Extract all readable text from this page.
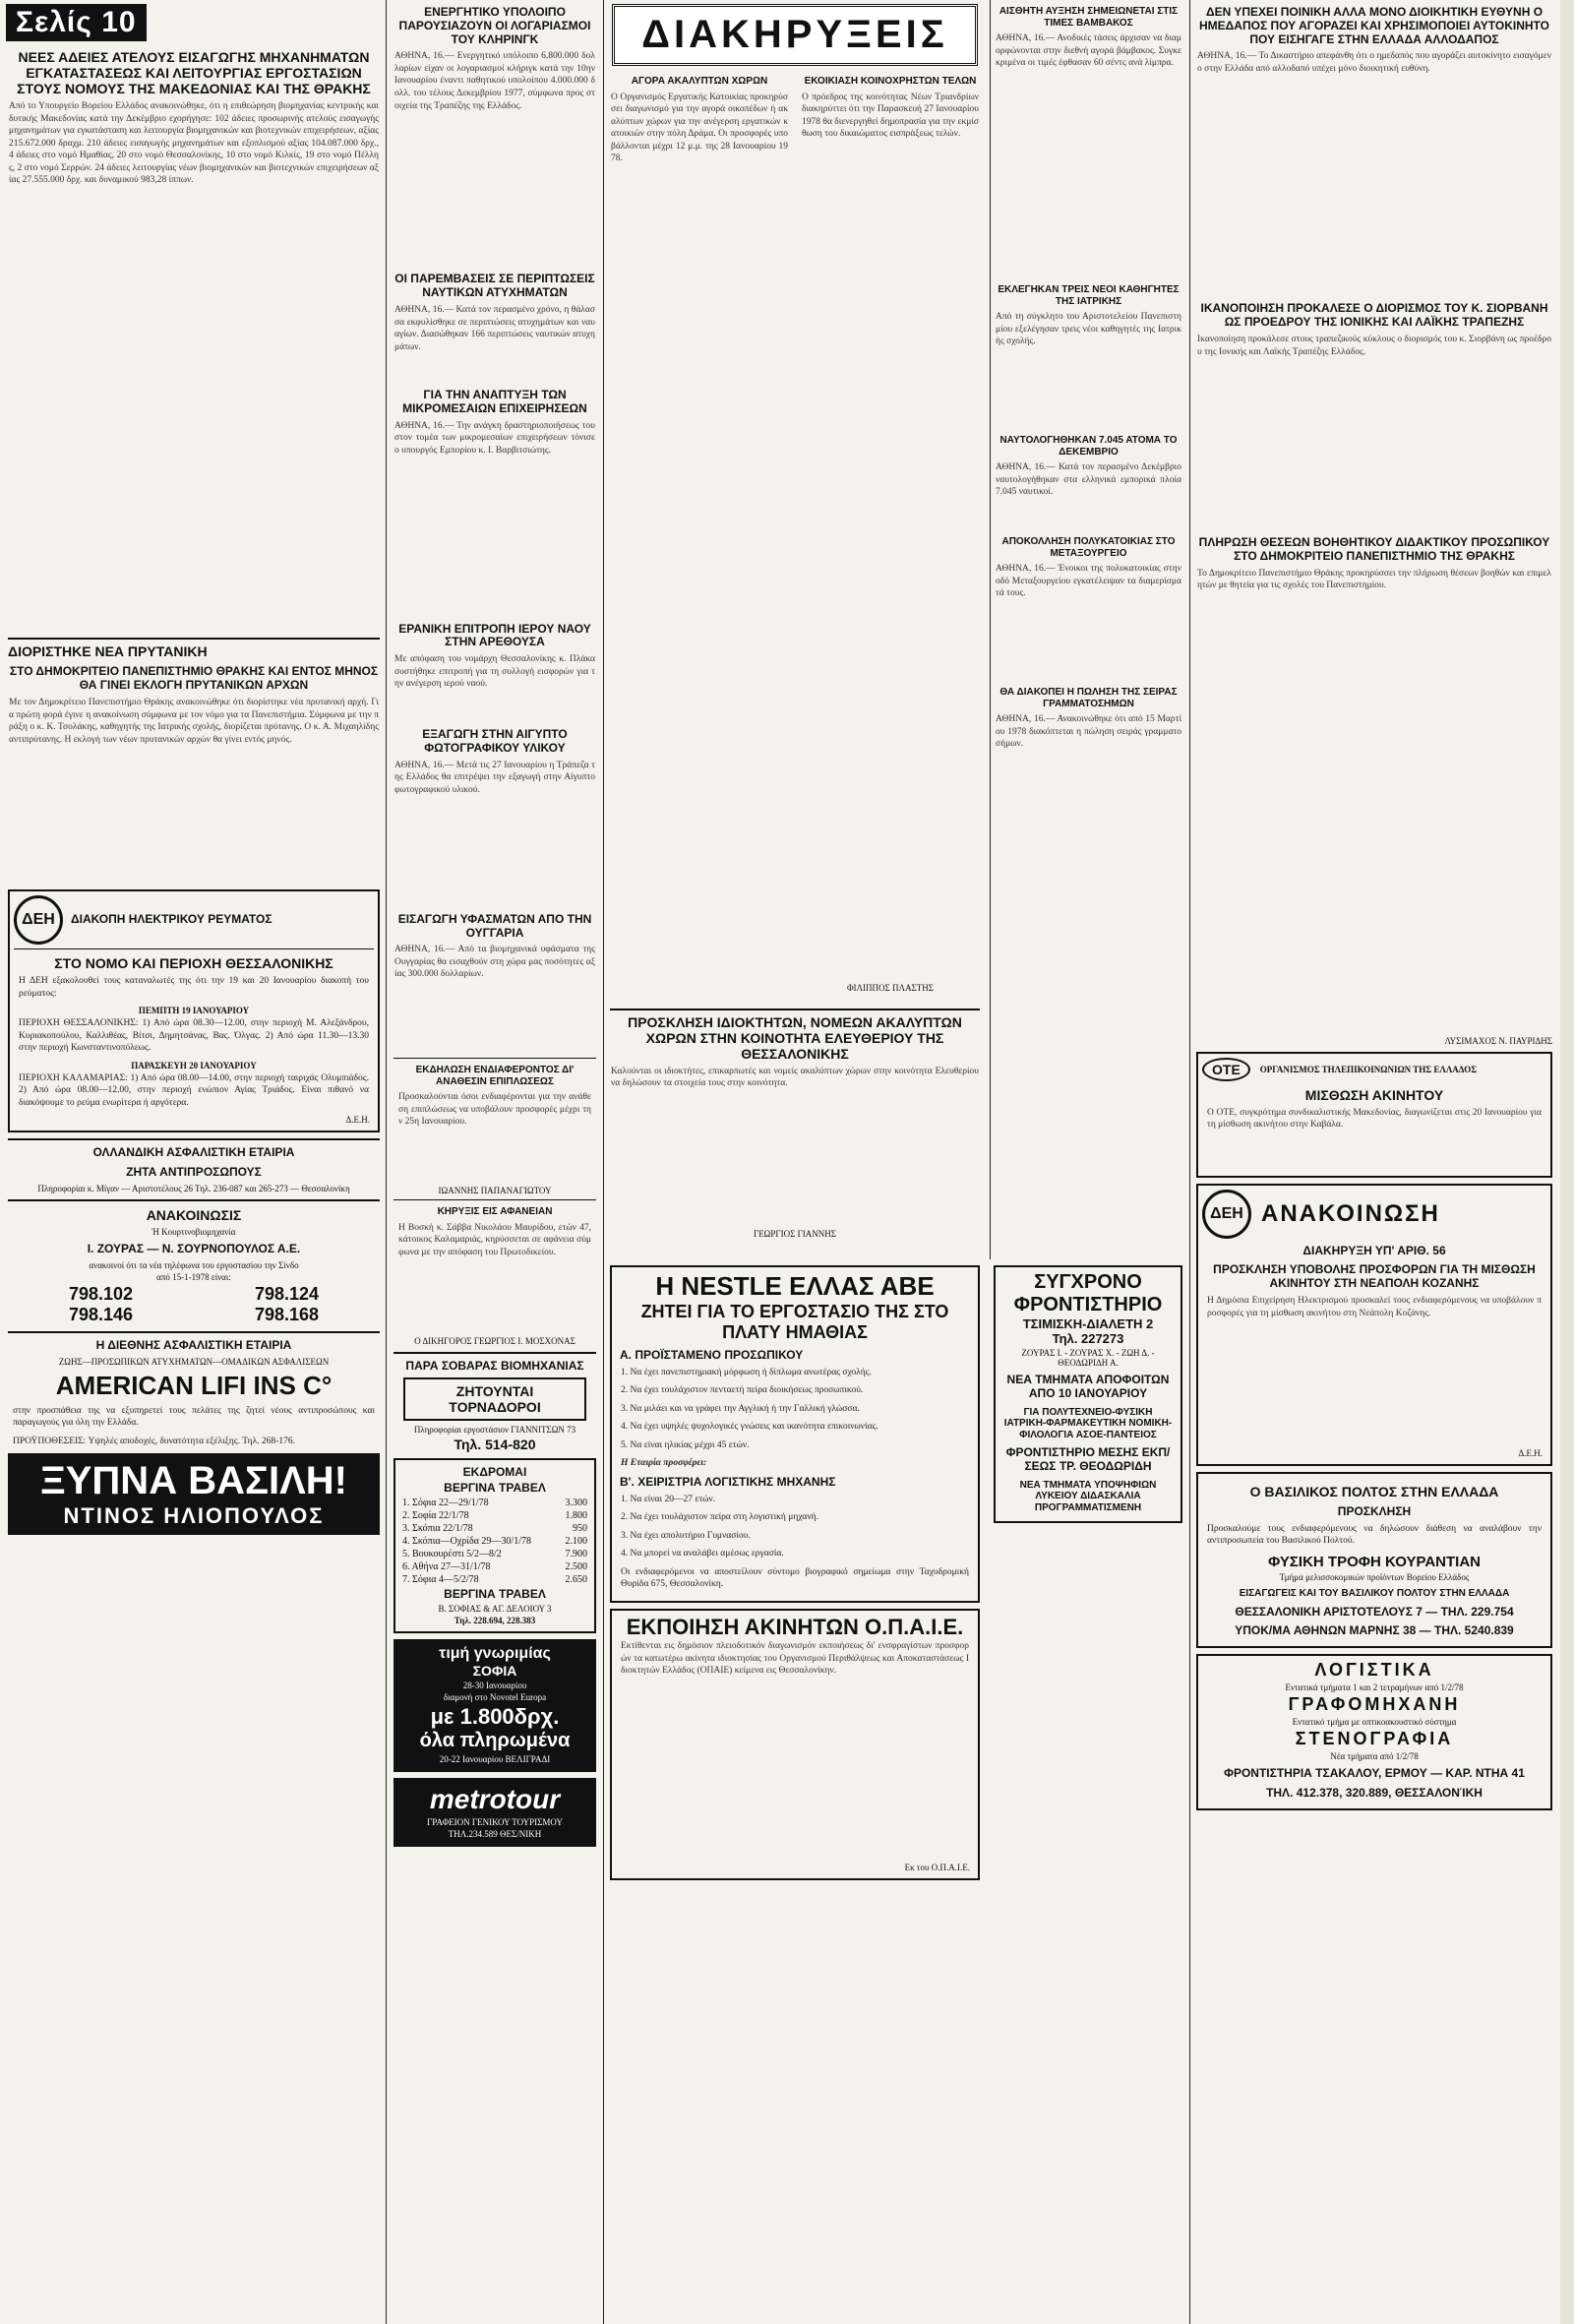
Σελίς 10
ΝΕΕΣ ΑΔΕΙΕΣ ΑΤΕΛΟΥΣ ΕΙΣΑΓΩΓΗΣ ΜΗΧΑΝΗΜΑΤΩΝ ΕΓΚΑΤΑΣΤΑΣΕΩΣ ΚΑΙ ΛΕΙΤΟΥΡΓΙΑΣ ΕΡΓΟΣΤΑΣΙΩΝ ΣΤΟΥΣ ΝΟΜΟΥΣ ΤΗΣ ΜΑΚΕΔΟΝΙΑΣ ΚΑΙ ΤΗΣ ΘΡΑΚΗΣ
Από το Υπουργείο Βορείου Ελλάδος ανακοινώθηκε, ότι η επιθεώρηση βιομηχανίας κεντρικής και δυτικής Μακεδονίας κατά την Δεκέμβριο εχορήγησε: 102 άδειες προσωρινής ατελούς εισαγωγής μηχανημάτων για εγκατάσταση και λειτουργία βιομηχανικών και βιοτεχνικών επιχειρήσεων, αξίας 215.672.000 δραχμ. 210 άδειες εισαγωγής μηχανημάτων και εξοπλισμού αξίας 104.087.000 δρχ., 4 άδειες στο νομό Ημαθίας, 20 στο νομό Θεσσαλονίκης, 10 στο νομό Κιλκίς, 19 στο νομό Πέλλης, 2 στο νομό Σερρών. 24 άδειες λειτουργίας νέων βιομηχανικών και βιοτεχνικών επιχειρήσεων αξίας 27.555.000 δρχ. και δυναμικού 983,28 ίππων.
ΔΙΟΡΙΣΤΗΚΕ ΝΕΑ ΠΡΥΤΑΝΙΚΗ
ΣΤΟ ΔΗΜΟΚΡΙΤΕΙΟ ΠΑΝΕΠΙΣΤΗΜΙΟ ΘΡΑΚΗΣ ΚΑΙ ΕΝΤΟΣ ΜΗΝΟΣ ΘΑ ΓΙΝΕΙ ΕΚΛΟΓΗ ΠΡΥΤΑΝΙΚΩΝ ΑΡΧΩΝ
Με τον Δημοκρίτειο Πανεπιστήμιο Θράκης ανακοινώθηκε ότι διορίστηκε νέα πρυτανική αρχή. Για πρώτη φορά έγινε η ανακοίνωση σύμφωνα με τον νόμο για τα Πανεπιστήμια. Σύμφωνα με την πράξη ο κ. Κ. Τσολάκης, καθηγητής της Ιατρικής σχολής, διορίζεται πρύτανης. Ο κ. Α. Μιχαηλίδης αντιπρύτανης. Η εκλογή των νέων πρυτανικών αρχών θα γίνει εντός μηνός.
ΔΕΗ	ΔΙΑΚΟΠΗ ΗΛΕΚΤΡΙΚΟΥ ΡΕΥΜΑΤΟΣ
ΣΤΟ ΝΟΜΟ ΚΑΙ ΠΕΡΙΟΧΗ ΘΕΣΣΑΛΟΝΙΚΗΣ
Η ΔΕΗ εξακολουθεί τους καταναλωτές της ότι την 19 και 20 Ιανουαρίου διακοπή του ρεύματος:
ΠΕΜΠΤΗ 19 ΙΑΝΟΥΑΡΙΟΥ
ΠΕΡΙΟΧΗ ΘΕΣΣΑΛΟΝΙΚΗΣ: 1) Από ώρα 08.30—12.00, στην περιοχή Μ. Αλεξάνδρου, Κυριακοπούλου, Καλλιθέας, Βίτσι, Δημητσάνας, Βας. Όλγας. 2) Από ώρα 11.30—13.30 στην περιοχή Κωνσταντινοπόλεως.
ΠΑΡΑΣΚΕΥΗ 20 ΙΑΝΟΥΑΡΙΟΥ
ΠΕΡΙΟΧΗ ΚΑΛΑΜΑΡΙΑΣ: 1) Από ώρα 08.00—14.00, στην περιοχή ταιριχάς Ολυμπιάδος. 2) Από ώρα 08.00—12.00, στην περιοχή ενώπιον Αγίας Τριάδος. Είναι πιθανό να διακόψουμε το ρεύμα ενωρίτερα ή αργότερα.
Δ.Ε.Η.
ΟΛΛΑΝΔΙΚΗ ΑΣΦΑΛΙΣΤΙΚΗ ΕΤΑΙΡΙΑ
ΖΗΤΑ ΑΝΤΙΠΡΟΣΩΠΟΥΣ
Πληροφορίαι κ. Μίγαν — Αριστοτέλους 26 Τηλ. 236-087 και 265-273 — Θεσσαλονίκη
ΑΝΑΚΟΙΝΩΣΙΣ
Ή Κουρτινοβιομηχανία
Ι. ΖΟΥΡΑΣ — Ν. ΣΟΥΡΝΟΠΟΥΛΟΣ Α.Ε.
ανακοινοί ότι τα νέα τηλέφωνα του εργοστασίου την Σίνδο
από 15-1-1978 είναι:
798.102	798.124
798.146	798.168
Η ΔΙΕΘΝΗΣ ΑΣΦΑΛΙΣΤΙΚΗ ΕΤΑΙΡΙΑ
ΖΩΗΣ—ΠΡΟΣΩΠΙΚΩΝ ΑΤΥΧΗΜΑΤΩΝ—ΟΜΑΔΙΚΩΝ ΑΣΦΑΛΙΣΕΩΝ
AMERICAN LIFI INS C°
στην προσπάθεια της να εξυπηρετεί τους πελάτες της ζητεί νέους αντιπροσώπους και παραγωγούς για όλη την Ελλάδα.
ΠΡΟΫΠΟΘΕΣΕΙΣ: Υψηλές αποδοχές, δυνατότητα εξέλιξης. Τηλ. 268-176.
ΞΥΠΝΑ ΒΑΣΙΛΗ!
ΝΤΙΝΟΣ ΗΛΙΟΠΟΥΛΟΣ
ΕΝΕΡΓΗΤΙΚΟ ΥΠΟΛΟΙΠΟ ΠΑΡΟΥΣΙΑΖΟΥΝ ΟΙ ΛΟΓΑΡΙΑΣΜΟΙ ΤΟΥ ΚΛΗΡΙΝΓΚ
ΑΘΗΝΑ, 16.— Ενεργητικό υπόλοιπο 6.800.000 δολλαρίων είχαν οι λογαριασμοί κλήριγκ κατά την 10ην Ιανουαρίου έναντι παθητικού υπολοίπου 4.000.000 δολλ. του τέλους Δεκεμβρίου 1977, σύμφωνα προς στοιχεία της Τραπέζης της Ελλάδος.
ΟΙ ΠΑΡΕΜΒΑΣΕΙΣ ΣΕ ΠΕΡΙΠΤΩΣΕΙΣ ΝΑΥΤΙΚΩΝ ΑΤΥΧΗΜΑΤΩΝ
ΑΘΗΝΑ, 16.— Κατά τον περασμένο χρόνο, η θάλασσα εκφυλίσθηκε σε περιπτώσεις ατυχημάτων και ναυαγίων. Διασώθηκαν 166 περιπτώσεις ναυτικών ατυχημάτων.
ΓΙΑ ΤΗΝ ΑΝΑΠΤΥΞΗ ΤΩΝ ΜΙΚΡΟΜΕΣΑΙΩΝ ΕΠΙΧΕΙΡΗΣΕΩΝ
ΑΘΗΝΑ, 16.— Την ανάγκη δραστηριοποιήσεως του στον τομέα των μικρομεσαίων επιχειρήσεων τόνισε ο υπουργός Εμπορίου κ. Ι. Βαρβιτσιώτης.
ΕΡΑΝΙΚΗ ΕΠΙΤΡΟΠΗ ΙΕΡΟΥ ΝΑΟΥ ΣΤΗΝ ΑΡΕΘΟΥΣΑ
Με απόφαση του νομάρχη Θεσσαλονίκης κ. Πλάκα συστήθηκε επιτροπή για τη συλλογή εισφορών για την ανέγερση ιερού ναού.
ΕΞΑΓΩΓΗ ΣΤΗΝ ΑΙΓΥΠΤΟ ΦΩΤΟΓΡΑΦΙΚΟΥ ΥΛΙΚΟΥ
ΑΘΗΝΑ, 16.— Μετά τις 27 Ιανουαρίου η Τράπεζα της Ελλάδος θα επιτρέψει την εξαγωγή στην Αίγυπτο φωτογραφικού υλικού.
ΕΙΣΑΓΩΓΗ ΥΦΑΣΜΑΤΩΝ ΑΠΟ ΤΗΝ ΟΥΓΓΑΡΙΑ
ΑΘΗΝΑ, 16.— Από τα βιομηχανικά υφάσματα της Ουγγαρίας θα εισαχθούν στη χώρα μας ποσότητες αξίας 300.000 δολλαρίων.
ΕΚΔΗΛΩΣΗ ΕΝΔΙΑΦΕΡΟΝΤΟΣ ΔΙ' ΑΝΑΘΕΣΙΝ ΕΠΙΠΛΩΣΕΩΣ
Προσκαλούνται όσοι ενδιαφέρονται για την ανάθεση επιπλώσεως να υποβάλουν προσφορές μέχρι την 25η Ιανουαρίου.
ΙΩΑΝΝΗΣ ΠΑΠΑΝΑΓΙΩΤΟΥ
ΚΗΡΥΞΙΣ ΕΙΣ ΑΦΑΝΕΙΑΝ
Η Βοσκή κ. Σάββα Νικολάου Μαυρίδου, ετών 47, κάτοικος Καλαμαριάς, κηρύσσεται σε αφάνεια σύμφωνα με την απόφαση του Πρωτοδικείου.
Ο ΔΙΚΗΓΟΡΟΣ ΓΕΩΡΓΙΟΣ Ι. ΜΟΣΧΟΝΑΣ
ΠΑΡΑ ΣΟΒΑΡΑΣ ΒΙΟΜΗΧΑΝΙΑΣ
ΖΗΤΟΥΝΤΑΙ ΤΟΡΝΑΔΟΡΟΙ
Πληροφορίαι εργοστάσιον ΓΙΑΝΝΙΤΣΩΝ 73
Τηλ. 514-820
ΕΚΔΡΟΜΑΙ
ΒΕΡΓΙΝΑ ΤΡΑΒΕΛ
1. Σόφια 22—29/1/78	3.300
2. Σοφία 22/1/78	1.800
3. Σκόπια 22/1/78	950
4. Σκόπια—Οχρίδα 29—30/1/78	2.100
5. Βουκουρέστι 5/2—8/2	7.900
6. Αθήνα 27—31/1/78	2.500
7. Σόφια 4—5/2/78	2.650
ΒΕΡΓΙΝΑ ΤΡΑΒΕΛ
Β. ΣΟΦΙΑΣ & ΑΓ. ΔΕΛΟΙΟΥ 3
Τηλ. 228.694, 228.383
τιμή γνωριμίας
ΣΟΦΙΑ
28-30 Ιανουαρίου
διαμονή στο Novotel Europa
με 1.800δρχ.
όλα πληρωμένα
20-22 Ιανουαρίου ΒΕΛΙΓΡΑΔΙ
metrotour
ΓΡΑΦΕΙΟΝ ΓΕΝΙΚΟΥ ΤΟΥΡΙΣΜΟΥ
ΤΗΛ.234.589 ΘΕΣ/ΝΙΚΗ
ΔΙΑΚΗΡΥΞΕΙΣ
ΑΓΟΡΑ ΑΚΑΛΥΠΤΩΝ ΧΩΡΩΝ
Ο Οργανισμός Εργατικής Κατοικίας προκηρύσσει διαγωνισμό για την αγορά οικοπέδων ή ακαλύπτων χώρων για την ανέγερση εργατικών κατοικιών στην πόλη Δράμα. Οι προσφορές υποβάλλονται μέχρι 12 μ.μ. της 28 Ιανουαρίου 1978.
ΕΚΟΙΚΙΑΣΗ ΚΟΙΝΟΧΡΗΣΤΩΝ ΤΕΛΩΝ
Ο πρόεδρος της κοινότητας Νέων Τριανδρίων διακηρύττει ότι την Παρασκευή 27 Ιανουαρίου 1978 θα διενεργηθεί δημοπρασία για την εκμίσθωση του δικαιώματος εισπράξεως τελών.
ΦΙΛΙΠΠΟΣ ΠΛΑΣΤΗΣ
ΠΡΟΣΚΛΗΣΗ ΙΔΙΟΚΤΗΤΩΝ, ΝΟΜΕΩΝ ΑΚΑΛΥΠΤΩΝ ΧΩΡΩΝ ΣΤΗΝ ΚΟΙΝΟΤΗΤΑ ΕΛΕΥΘΕΡΙΟΥ ΤΗΣ ΘΕΣΣΑΛΟΝΙΚΗΣ
Καλούνται οι ιδιοκτήτες, επικαρπωτές και νομείς ακαλύπτων χώρων στην κοινότητα Ελευθερίου να δηλώσουν τα στοιχεία τους στην κοινότητα.
ΓΕΩΡΓΙΟΣ ΓΙΑΝΝΗΣ
ΑΙΣΘΗΤΗ ΑΥΞΗΣΗ ΣΗΜΕΙΩΝΕΤΑΙ ΣΤΙΣ ΤΙΜΕΣ ΒΑΜΒΑΚΟΣ
ΑΘΗΝΑ, 16.— Ανοδικές τάσεις άρχισαν να διαμορφώνονται στην διεθνή αγορά βάμβακος. Συγκεκριμένα οι τιμές έφθασαν 60 σέντς ανά λίμπρα.
ΕΚΛΕΓΗΚΑΝ ΤΡΕΙΣ ΝΕΟΙ ΚΑΘΗΓΗΤΕΣ ΤΗΣ ΙΑΤΡΙΚΗΣ
Από τη σύγκλητο του Αριστοτελείου Πανεπιστημίου εξελέγησαν τρεις νέοι καθηγητές της Ιατρικής σχολής.
ΝΑΥΤΟΛΟΓΗΘΗΚΑΝ 7.045 ΑΤΟΜΑ ΤΟ ΔΕΚΕΜΒΡΙΟ
ΑΘΗΝΑ, 16.— Κατά τον περασμένο Δεκέμβριο ναυτολογήθηκαν στα ελληνικά εμπορικά πλοία 7.045 ναυτικοί.
ΑΠΟΚΟΛΛΗΣΗ ΠΟΛΥΚΑΤΟΙΚΙΑΣ ΣΤΟ ΜΕΤΑΞΟΥΡΓΕΙΟ
ΑΘΗΝΑ, 16.— Ένοικοι της πολυκατοικίας στην οδό Μεταξουργείου εγκατέλειψαν τα διαμερίσματά τους.
ΘΑ ΔΙΑΚΟΠΕΙ Η ΠΩΛΗΣΗ ΤΗΣ ΣΕΙΡΑΣ ΓΡΑΜΜΑΤΟΣΗΜΩΝ
ΑΘΗΝΑ, 16.— Ανακοινώθηκε ότι από 15 Μαρτίου 1978 διακόπτεται η πώληση σειράς γραμματοσήμων.
Η NESTLE ΕΛΛΑΣ ΑΒΕ
ΖΗΤΕΙ ΓΙΑ ΤΟ ΕΡΓΟΣΤΑΣΙΟ ΤΗΣ ΣΤΟ ΠΛΑΤΥ ΗΜΑΘΙΑΣ
Α. ΠΡΟΪΣΤΑΜΕΝΟ ΠΡΟΣΩΠΙΚΟΥ
1. Να έχει πανεπιστημιακή μόρφωση ή δίπλωμα ανωτέρας σχολής.
2. Να έχει τουλάχιστον πενταετή πείρα διοικήσεως προσωπικού.
3. Να μιλάει και να γράφει την Αγγλική ή την Γαλλική γλώσσα.
4. Να έχει υψηλές ψυχολογικές γνώσεις και ικανότητα επικοινωνίας.
5. Να είναι ηλικίας μέχρι 45 ετών.
Η Εταιρία προσφέρει:
Β'. ΧΕΙΡΙΣΤΡΙΑ ΛΟΓΙΣΤΙΚΗΣ ΜΗΧΑΝΗΣ
1. Να είναι 20—27 ετών.
2. Να έχει τουλάχιστον πείρα στη λογιστική μηχανή.
3. Να έχει απολυτήριο Γυμνασίου.
4. Να μπορεί να αναλάβει αμέσως εργασία.
Οι ενδιαφερόμενοι να αποστείλουν σύντομο βιογραφικό σημείωμα στην Ταχυδρομική Θυρίδα 675, Θεσσαλονίκη.
ΕΚΠΟΙΗΣΗ ΑΚΙΝΗΤΩΝ Ο.Π.Α.Ι.Ε.
Εκτίθενται εις δημόσιον πλειοδοτικόν διαγωνισμόν εκποιήσεως δι' ενσφραγίστων προσφορών τα κατωτέρω ακίνητα ιδιοκτησίας του Οργανισμού Περιθάλψεως και Αποκαταστάσεως Ιδιοκτητών Ελλάδος (ΟΠΑΙΕ) κείμενα εις Θεσσαλονίκην.
Εκ του Ο.Π.Α.Ι.Ε.
ΣΥΓΧΡΟΝΟ ΦΡΟΝΤΙΣΤΗΡΙΟ
ΤΣΙΜΙΣΚΗ-ΔΙΑΛΕΤΗ 2
Τηλ. 227273
ΖΟΥΡΑΣ Ι. - ΖΟΥΡΑΣ Χ. - ΖΩΗ Δ. - ΘΕΟΔΩΡΙΔΗ Α.
ΝΕΑ ΤΜΗΜΑΤΑ ΑΠΟΦΟΙΤΩΝ ΑΠΟ 10 ΙΑΝΟΥΑΡΙΟΥ
ΓΙΑ ΠΟΛΥΤΕΧΝΕΙΟ-ΦΥΣΙΚΗ ΙΑΤΡΙΚΗ-ΦΑΡΜΑΚΕΥΤΙΚΗ ΝΟΜΙΚΗ-ΦΙΛΟΛΟΓΙΑ ΑΣΟΕ-ΠΑΝΤΕΙΟΣ
ΦΡΟΝΤΙΣΤΗΡΙΟ ΜΕΣΗΣ ΕΚΠ/ΣΕΩΣ ΤΡ. ΘΕΟΔΩΡΙΔΗ
ΝΕΑ ΤΜΗΜΑΤΑ ΥΠΟΨΗΦΙΩΝ ΛΥΚΕΙΟΥ ΔΙΔΑΣΚΑΛΙΑ ΠΡΟΓΡΑΜΜΑΤΙΣΜΕΝΗ
ΔΕΝ ΥΠΕΧΕΙ ΠΟΙΝΙΚΗ ΑΛΛΑ ΜΟΝΟ ΔΙΟΙΚΗΤΙΚΗ ΕΥΘΥΝΗ Ο ΗΜΕΔΑΠΟΣ ΠΟΥ ΑΓΟΡΑΖΕΙ ΚΑΙ ΧΡΗΣΙΜΟΠΟΙΕΙ ΑΥΤΟΚΙΝΗΤΟ ΠΟΥ ΕΙΣΗΓΑΓΕ ΣΤΗΝ ΕΛΛΑΔΑ ΑΛΛΟΔΑΠΟΣ
ΑΘΗΝΑ, 16.— Το Δικαστήριο απεφάνθη ότι ο ημεδαπός που αγοράζει αυτοκίνητο εισαγόμενο στην Ελλάδα από αλλοδαπό υπέχει μόνο διοικητική ευθύνη.
ΙΚΑΝΟΠΟΙΗΣΗ ΠΡΟΚΑΛΕΣΕ Ο ΔΙΟΡΙΣΜΟΣ ΤΟΥ Κ. ΣΙΟΡΒΑΝΗ ΩΣ ΠΡΟΕΔΡΟΥ ΤΗΣ ΙΟΝΙΚΗΣ ΚΑΙ ΛΑΪΚΗΣ ΤΡΑΠΕΖΗΣ
Ικανοποίηση προκάλεσε στους τραπεζικούς κύκλους ο διορισμός του κ. Σιορβάνη ως προέδρου της Ιονικής και Λαϊκής Τραπέζης Ελλάδος.
ΠΛΗΡΩΣΗ ΘΕΣΕΩΝ ΒΟΗΘΗΤΙΚΟΥ ΔΙΔΑΚΤΙΚΟΥ ΠΡΟΣΩΠΙΚΟΥ ΣΤΟ ΔΗΜΟΚΡΙΤΕΙΟ ΠΑΝΕΠΙΣΤΗΜΙΟ ΤΗΣ ΘΡΑΚΗΣ
Το Δημοκρίτειο Πανεπιστήμιο Θράκης προκηρύσσει την πλήρωση θέσεων βοηθών και επιμελητών με θητεία για τις σχολές του Πανεπιστημίου.
ΛΥΣΙΜΑΧΟΣ Ν. ΠΑΥΡΙΔΗΣ
ΟΤΕ	ΟΡΓΑΝΙΣΜΟΣ ΤΗΛΕΠΙΚΟΙΝΩΝΙΩΝ ΤΗΣ ΕΛΛΑΔΟΣ
ΜΙΣΘΩΣΗ ΑΚΙΝΗΤΟΥ
Ο ΟΤΕ, συγκρότημα συνδικαλιστικής Μακεδονίας, διαγωνίζεται στις 20 Ιανουαρίου για τη μίσθωση ακινήτου στην Καβάλα.
ΔΕΗ ΑΝΑΚΟΙΝΩΣΗ
ΔΙΑΚΗΡΥΞΗ ΥΠ' ΑΡΙΘ. 56
ΠΡΟΣΚΛΗΣΗ ΥΠΟΒΟΛΗΣ ΠΡΟΣΦΟΡΩΝ ΓΙΑ ΤΗ ΜΙΣΘΩΣΗ ΑΚΙΝΗΤΟΥ ΣΤΗ ΝΕΑΠΟΛΗ ΚΟΖΑΝΗΣ
Η Δημόσια Επιχείρηση Ηλεκτρισμού προσκαλεί τους ενδιαφερόμενους να υποβάλουν προσφορές για τη μίσθωση ακινήτου στη Νεάπολη Κοζάνης.
Δ.Ε.Η.
Ο ΒΑΣΙΛΙΚΟΣ ΠΟΛΤΟΣ ΣΤΗΝ ΕΛΛΑΔΑ
ΠΡΟΣΚΛΗΣΗ
Προσκαλούμε τους ενδιαφερόμενους να δηλώσουν διάθεση να αναλάβουν την αντιπροσωπεία του Βασιλικού Πολτού.
ΦΥΣΙΚΗ ΤΡΟΦΗ ΚΟΥΡΑΝΤΙΑΝ
Τμήμα μελισσοκομικών προϊόντων Βορείου Ελλάδος
ΕΙΣΑΓΩΓΕΙΣ ΚΑΙ ΤΟΥ ΒΑΣΙΛΙΚΟΥ ΠΟΛΤΟΥ ΣΤΗΝ ΕΛΛΑΔΑ
ΘΕΣΣΑΛΟΝΙΚΗ ΑΡΙΣΤΟΤΕΛΟΥΣ 7 — ΤΗΛ. 229.754
ΥΠΟΚ/ΜΑ ΑΘΗΝΩΝ ΜΑΡΝΗΣ 38 — ΤΗΛ. 5240.839
ΛΟΓΙΣΤΙΚΑ
Εντατικά τμήματα 1 και 2 τετραμήνων από 1/2/78
ΓΡΑΦΟΜΗΧΑΝΗ
Εντατικό τμήμα με οπτικοακουστικό σύστημα
ΣΤΕΝΟΓΡΑΦΙΑ
Νέα τμήματα από 1/2/78
ΦΡΟΝΤΙΣΤΗΡΙΑ ΤΣΑΚΑΛΟΥ, ΕΡΜΟΥ — ΚΑΡ. ΝΤΗΑ 41
ΤΗΛ. 412.378, 320.889, ΘΕΣΣΑΛΟΝΊΚΗ
